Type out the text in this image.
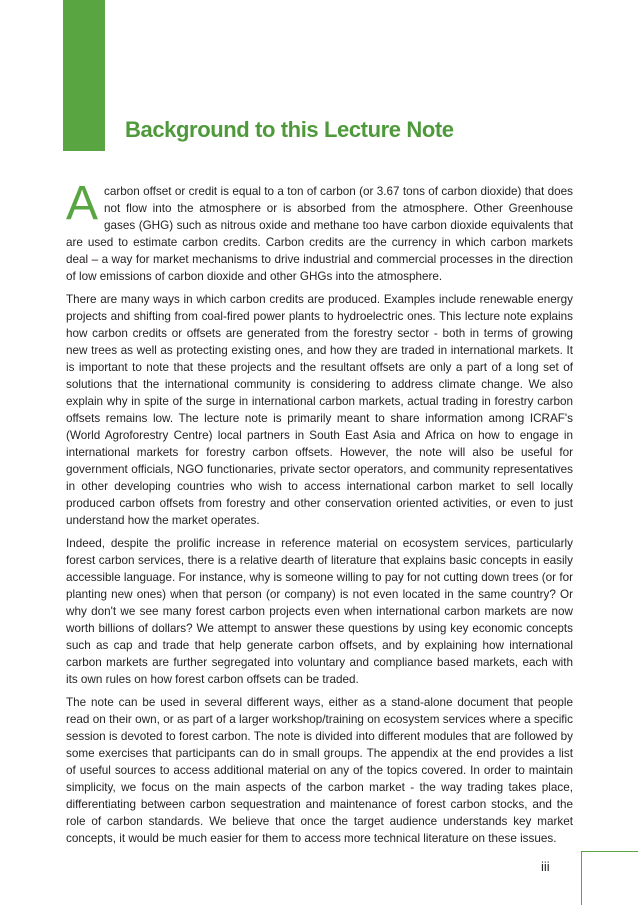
Background to this Lecture Note

Acarbon offset or credit is equal to a ton of carbon (or 3.67 tons of carbon dioxide) that does not flow into the atmosphere or is absorbed from the atmosphere. Other Greenhouse gases (GHG) such as nitrous oxide and methane too have carbon dioxide equivalents that are used to estimate carbon credits. Carbon credits are the currency in which carbon markets deal – a way for market mechanisms to drive industrial and commercial processes in the direction of low emissions of carbon dioxide and other GHGs into the atmosphere.

There are many ways in which carbon credits are produced. Examples include renewable energy projects and shifting from coal-fired power plants to hydroelectric ones. This lecture note explains how carbon credits or offsets are generated from the forestry sector - both in terms of growing new trees as well as protecting existing ones, and how they are traded in international markets. It is important to note that these projects and the resultant offsets are only a part of a long set of solutions that the international community is considering to address climate change. We also explain why in spite of the surge in international carbon markets, actual trading in forestry carbon offsets remains low. The lecture note is primarily meant to share information among ICRAF's (World Agroforestry Centre) local partners in South East Asia and Africa on how to engage in international markets for forestry carbon offsets. However, the note will also be useful for government officials, NGO functionaries, private sector operators, and community representatives in other developing countries who wish to access international carbon market to sell locally produced carbon offsets from forestry and other conservation oriented activities, or even to just understand how the market operates.

Indeed, despite the prolific increase in reference material on ecosystem services, particularly forest carbon services, there is a relative dearth of literature that explains basic concepts in easily accessible language. For instance, why is someone willing to pay for not cutting down trees (or for planting new ones) when that person (or company) is not even located in the same country? Or why don't we see many forest carbon projects even when international carbon markets are now worth billions of dollars? We attempt to answer these questions by using key economic concepts such as cap and trade that help generate carbon offsets, and by explaining how international carbon markets are further segregated into voluntary and compliance based markets, each with its own rules on how forest carbon offsets can be traded.

The note can be used in several different ways, either as a stand-alone document that people read on their own, or as part of a larger workshop/training on ecosystem services where a specific session is devoted to forest carbon. The note is divided into different modules that are followed by some exercises that participants can do in small groups. The appendix at the end provides a list of useful sources to access additional material on any of the topics covered. In order to maintain simplicity, we focus on the main aspects of the carbon market - the way trading takes place, differentiating between carbon sequestration and maintenance of forest carbon stocks, and the role of carbon standards. We believe that once the target audience understands key market concepts, it would be much easier for them to access more technical literature on these issues.

iii
